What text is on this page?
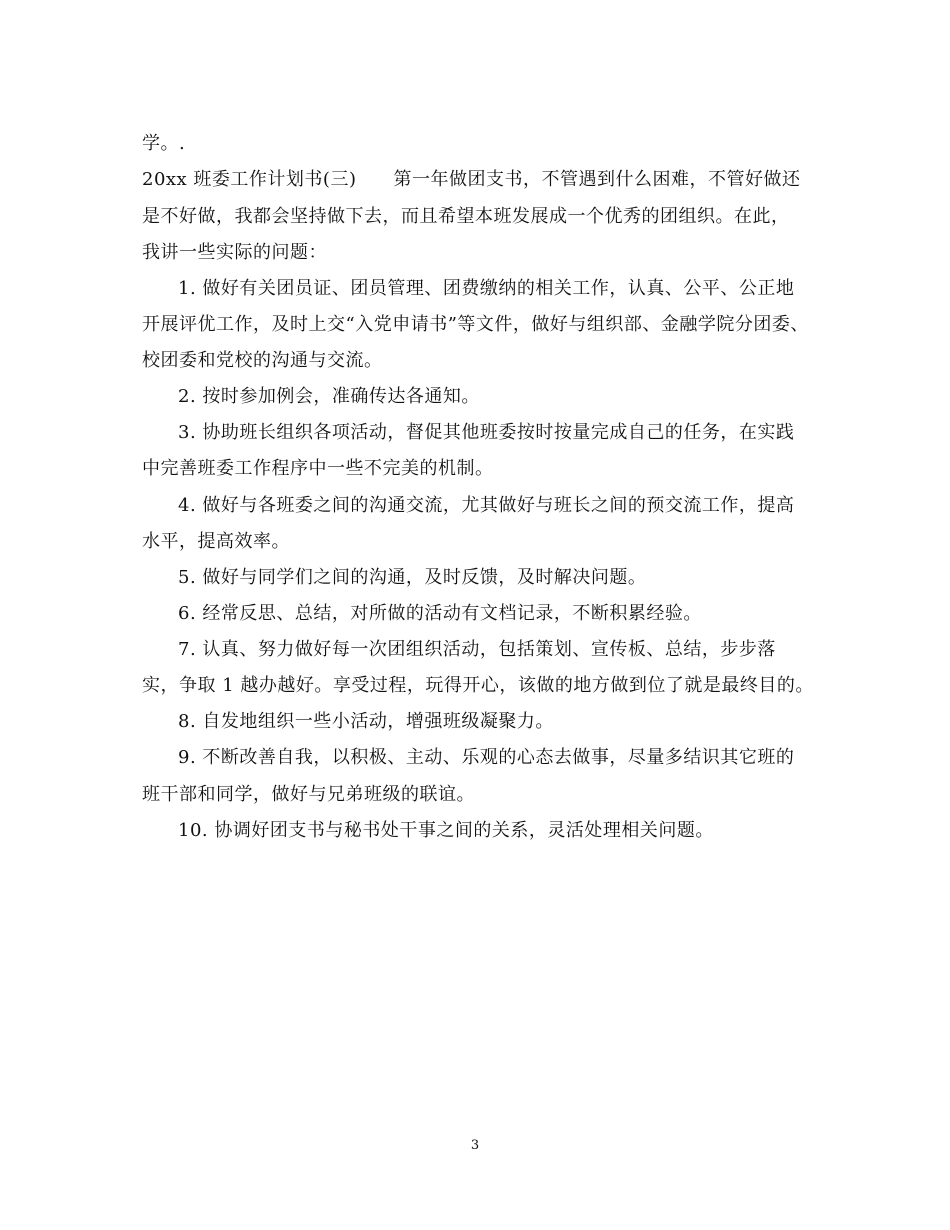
学。.
20xx 班委工作计划书(三)　　第一年做团支书，不管遇到什么困难，不管好做还
是不好做，我都会坚持做下去，而且希望本班发展成一个优秀的团组织。在此，
我讲一些实际的问题：
1. 做好有关团员证、团员管理、团费缴纳的相关工作，认真、公平、公正地
开展评优工作，及时上交“入党申请书”等文件，做好与组织部、金融学院分团委、
校团委和党校的沟通与交流。
2. 按时参加例会，准确传达各通知。
3. 协助班长组织各项活动，督促其他班委按时按量完成自己的任务，在实践
中完善班委工作程序中一些不完美的机制。
4. 做好与各班委之间的沟通交流，尤其做好与班长之间的预交流工作，提高
水平，提高效率。
5. 做好与同学们之间的沟通，及时反馈，及时解决问题。
6. 经常反思、总结，对所做的活动有文档记录，不断积累经验。
7. 认真、努力做好每一次团组织活动，包括策划、宣传板、总结，步步落
实，争取 1 越办越好。享受过程，玩得开心，该做的地方做到位了就是最终目的。
8. 自发地组织一些小活动，增强班级凝聚力。
9. 不断改善自我，以积极、主动、乐观的心态去做事，尽量多结识其它班的
班干部和同学，做好与兄弟班级的联谊。
10. 协调好团支书与秘书处干事之间的关系，灵活处理相关问题。
3
